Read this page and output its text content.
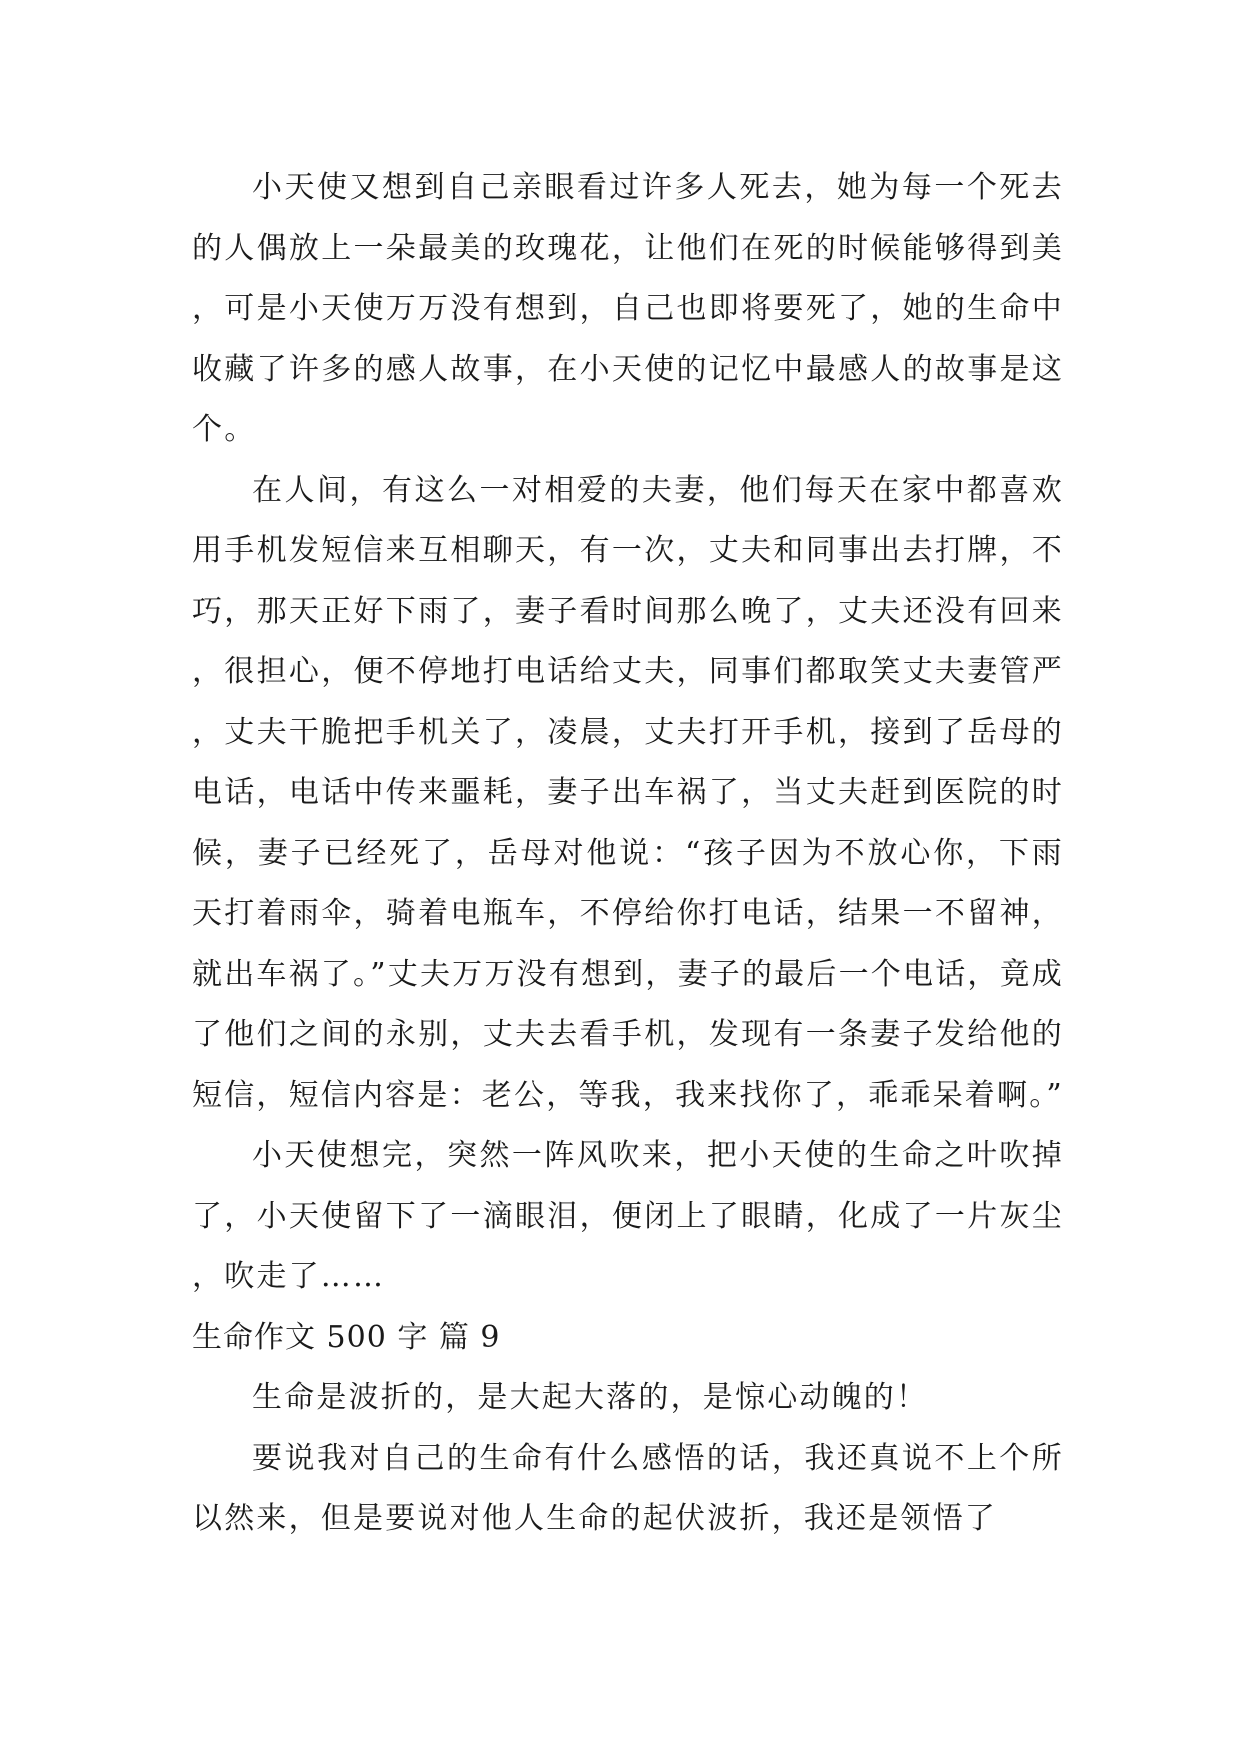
小天使又想到自己亲眼看过许多人死去，她为每一个死去的人偶放上一朵最美的玫瑰花，让他们在死的时候能够得到美，可是小天使万万没有想到，自己也即将要死了，她的生命中收藏了许多的感人故事，在小天使的记忆中最感人的故事是这个。

在人间，有这么一对相爱的夫妻，他们每天在家中都喜欢用手机发短信来互相聊天，有一次，丈夫和同事出去打牌，不巧，那天正好下雨了，妻子看时间那么晚了，丈夫还没有回来，很担心，便不停地打电话给丈夫，同事们都取笑丈夫妻管严，丈夫干脆把手机关了，凌晨，丈夫打开手机，接到了岳母的电话，电话中传来噩耗，妻子出车祸了，当丈夫赶到医院的时候，妻子已经死了，岳母对他说：“孩子因为不放心你，下雨天打着雨伞，骑着电瓶车，不停给你打电话，结果一不留神，就出车祸了。”丈夫万万没有想到，妻子的最后一个电话，竟成了他们之间的永别，丈夫去看手机，发现有一条妻子发给他的短信，短信内容是：老公，等我，我来找你了，乖乖呆着啊。”

小天使想完，突然一阵风吹来，把小天使的生命之叶吹掉了，小天使留下了一滴眼泪，便闭上了眼睛，化成了一片灰尘，吹走了……

生命作文 500 字 篇 9

生命是波折的，是大起大落的，是惊心动魄的！

要说我对自己的生命有什么感悟的话，我还真说不上个所以然来，但是要说对他人生命的起伏波折，我还是领悟了
